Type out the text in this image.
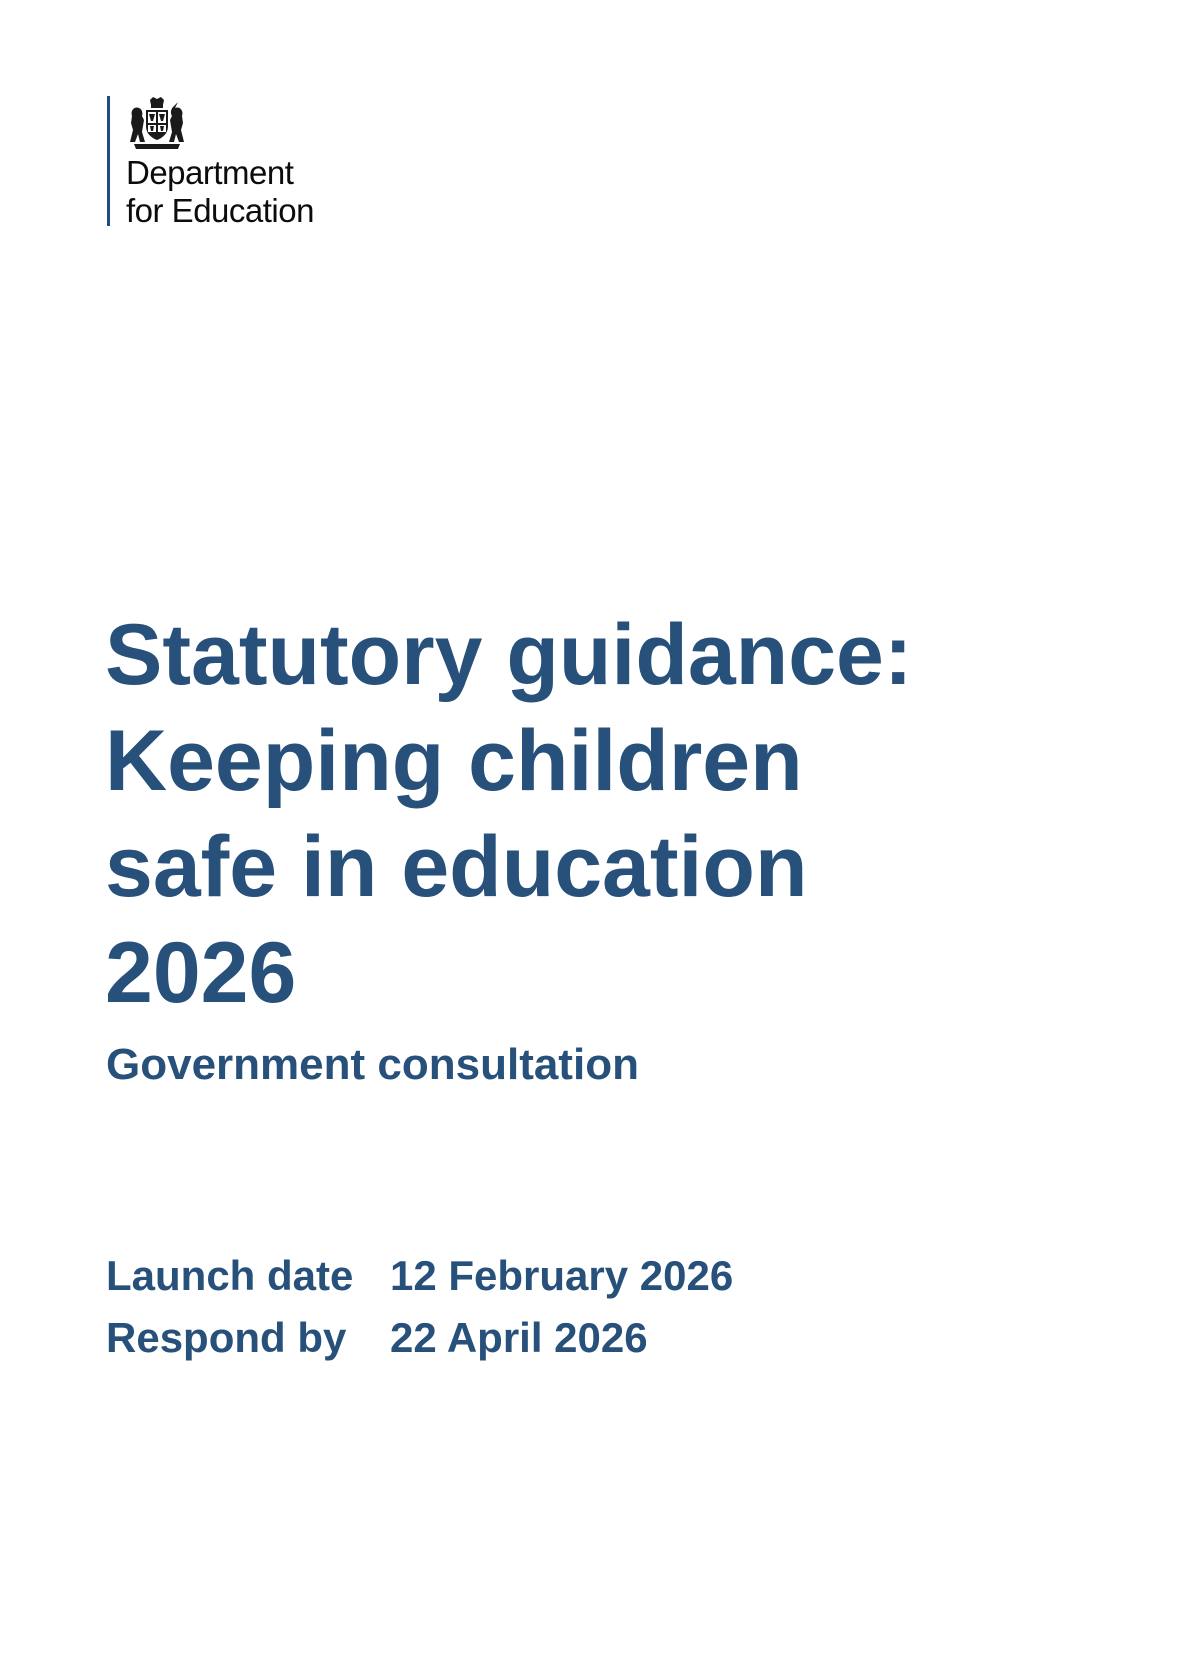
Department
for Education
Statutory guidance:
Keeping children
safe in education
2026
Government consultation
Launch date 12 February 2026
Respond by	22 April 2026
